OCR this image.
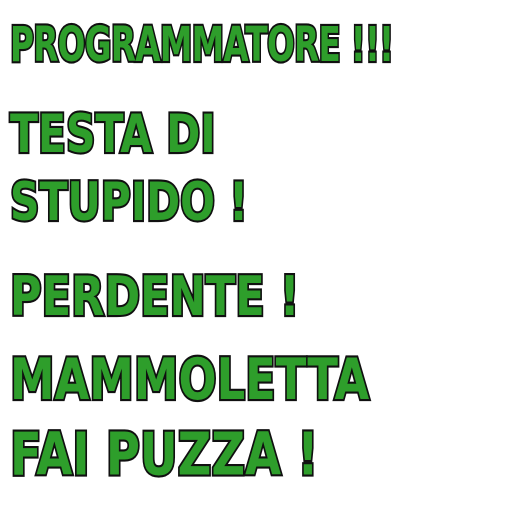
PROGRAMMATORE !!!

TESTA DI

STUPIDO !

PERDENTE !

MAMMOLETTA

FAI PUZZA !
